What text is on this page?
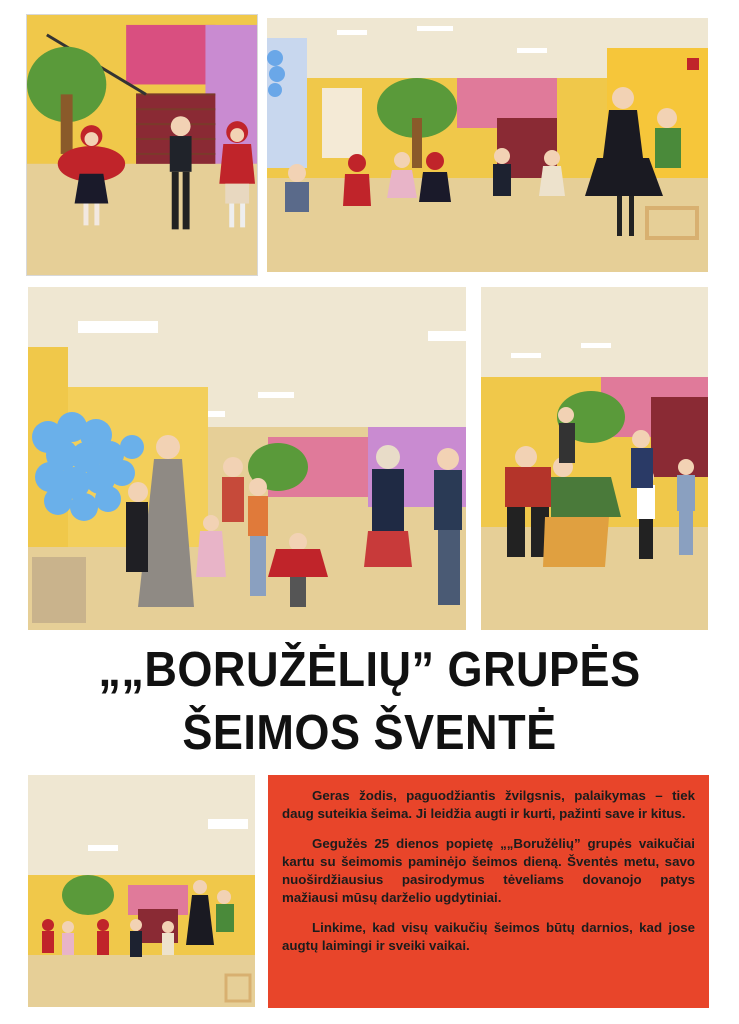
„„BORUŽĖLIŲ” GRUPĖS
ŠEIMOS ŠVENTĖ

Geras žodis, paguodžiantis žvilgsnis, palaikymas – tiek daug suteikia šeima. Ji leidžia augti ir kurti, pažinti save ir kitus.

Gegužės 25 dienos popietę „„Boružėlių” grupės vaikučiai kartu su šeimomis paminėjo šeimos dieną. Šventės metu, savo nuoširdžiausius pasirodymus tėveliams dovanojo patys mažiausi mūsų darželio ugdytiniai.

Linkime, kad visų vaikučių šeimos būtų darnios, kad jose augtų laimingi ir sveiki vaikai.
